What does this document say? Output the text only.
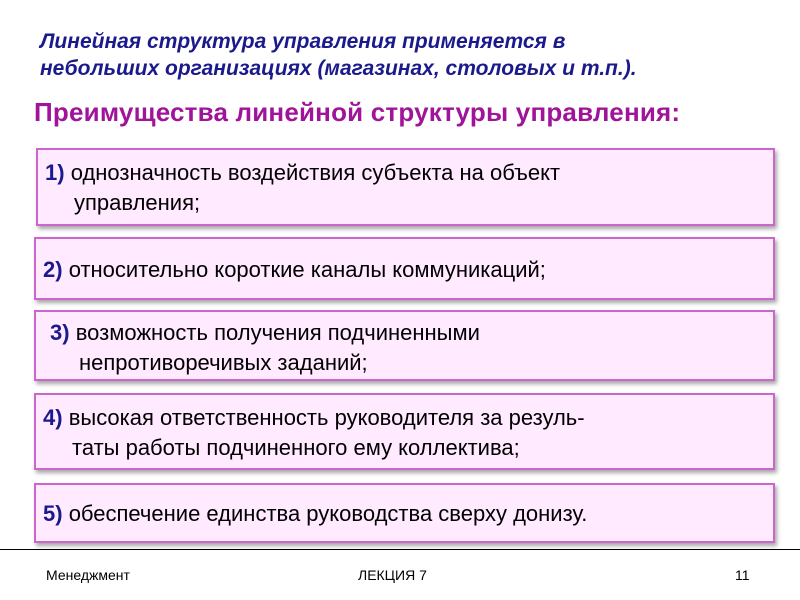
Линейная структура управления применяется в
небольших организациях (магазинах, столовых и т.п.).

Преимущества линейной структуры управления:
1) однозначность воздействия субъекта на объект
управления;
2) относительно короткие каналы коммуникаций;
3) возможность получения подчиненными
непротиворечивых заданий;
4) высокая ответственность руководителя за резуль-
таты работы подчиненного ему коллектива;
5) обеспечение единства руководства сверху донизу.
Менеджмент	ЛЕКЦИЯ 7	11
